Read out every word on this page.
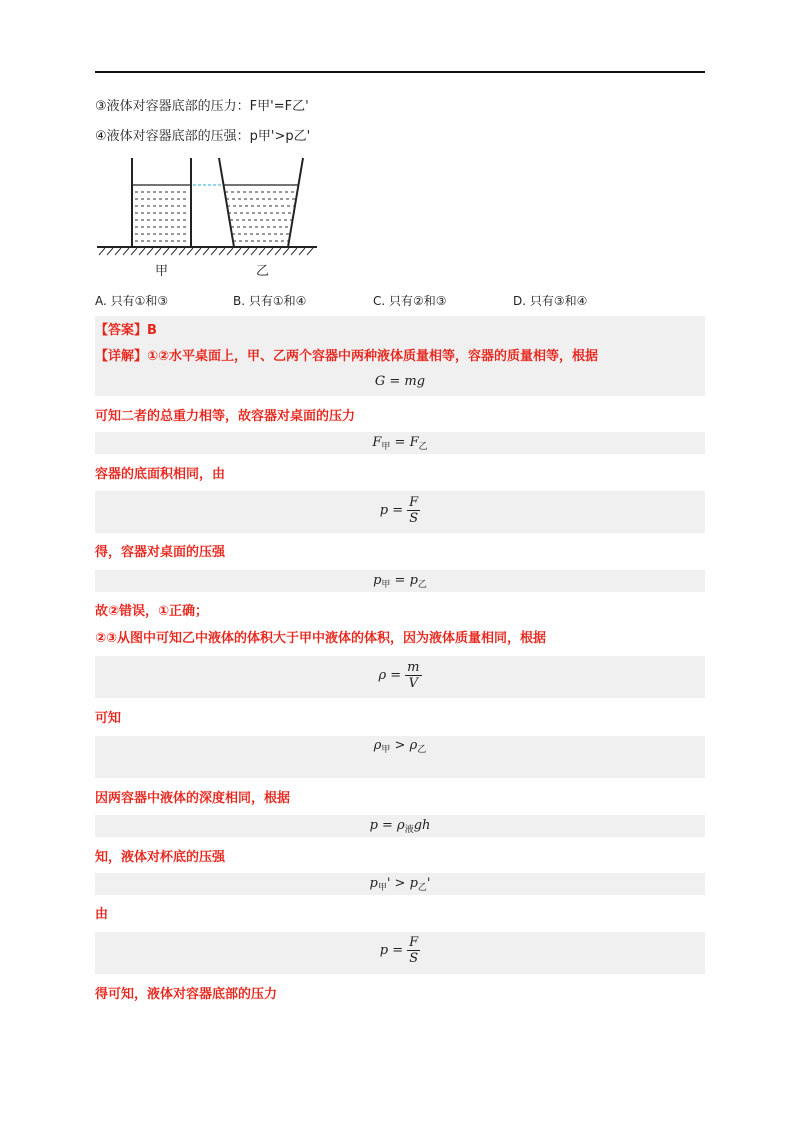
③液体对容器底部的压力：F甲'=F乙'
④液体对容器底部的压强：p甲'>p乙'
甲	乙
A. 只有①和③	B. 只有①和④	C. 只有②和③	D. 只有③和④
【答案】B
【详解】①②水平桌面上，甲、乙两个容器中两种液体质量相等，容器的质量相等，根据
G = mg
可知二者的总重力相等，故容器对桌面的压力
$F_甲 = F_乙$
容器的底面积相同，由
$p = \frac{F}{S}$
得，容器对桌面的压强
$p_甲 = p_乙$
故②错误，①正确；
②③从图中可知乙中液体的体积大于甲中液体的体积，因为液体质量相同，根据
$\rho = \frac{m}{V}$
可知
$\rho_甲 > \rho_乙$
因两容器中液体的深度相同，根据
$p = \rho_液gh$
知，液体对杯底的压强
$p_甲' > p_乙'$
由
$p = \frac{F}{S}$
得可知，液体对容器底部的压力
